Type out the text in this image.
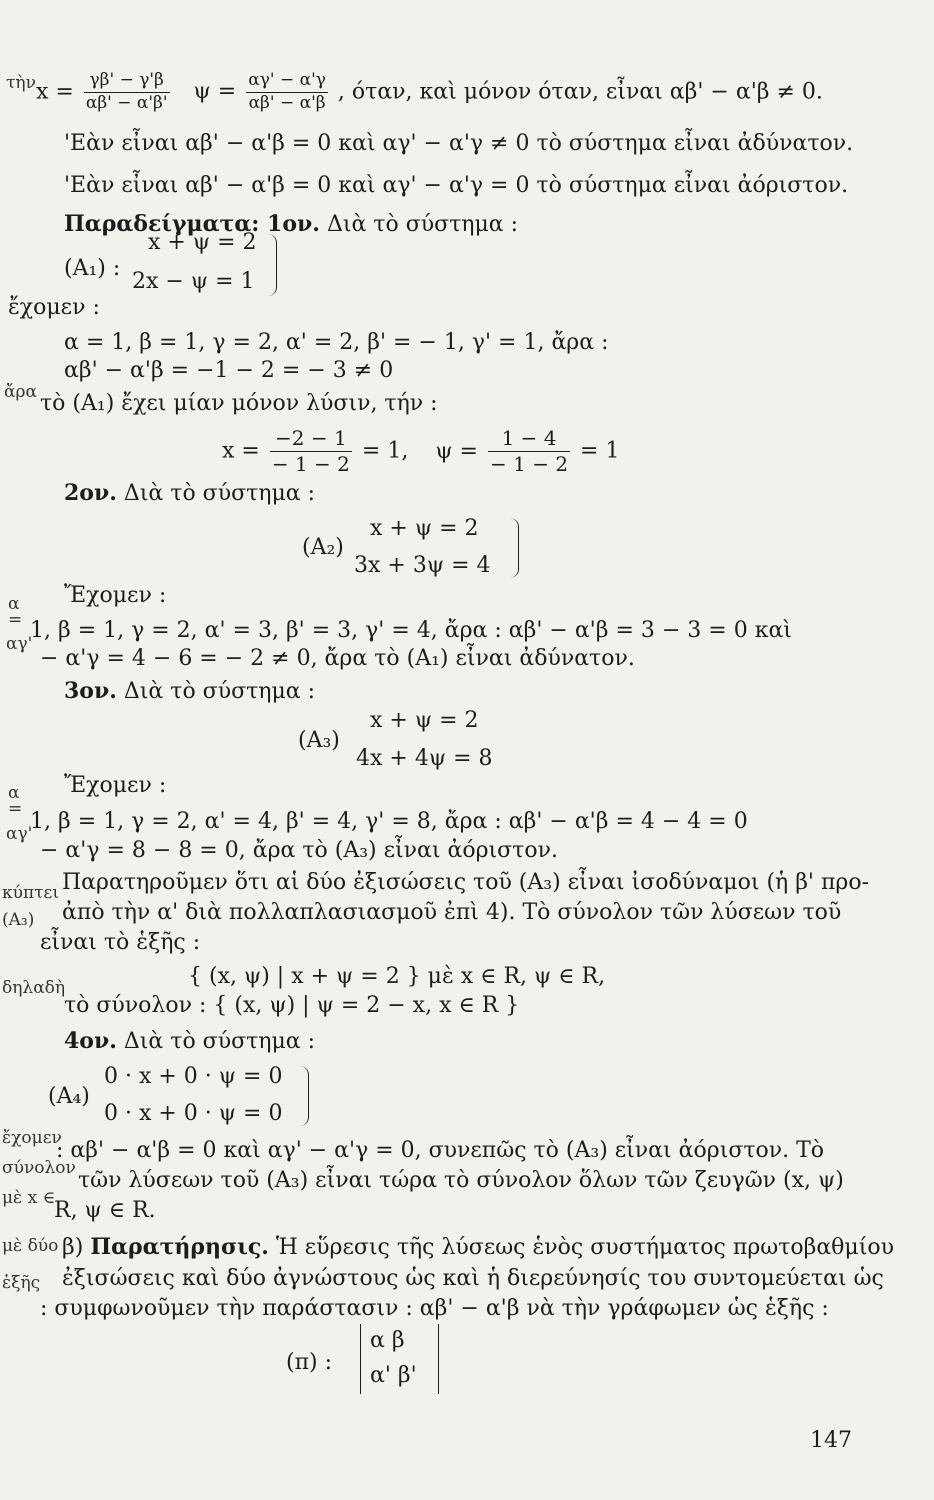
τὴν
ἄρα
α
=
αγ'
α
=
αγ'
κύπτει
(A₃)
δηλαδὴ
ἔχομεν
σύνολον
μὲ x ∈
μὲ δύο
ἑξῆς
$x = \frac{\gamma\beta' - \gamma'\beta}{\alpha\beta' - \alpha'\beta'}$ $\psi = \frac{\alpha\gamma' - \alpha'\gamma}{\alpha\beta' - \alpha'\beta}$ , όταν, καὶ μόνον όταν, εἶναι αβ' − α'β ≠ 0.
'Εὰν εἶναι αβ' − α'β = 0 καὶ αγ' − α'γ ≠ 0 τὸ σύστημα εἶναι ἀδύνατον.
'Εὰν εἶναι αβ' − α'β = 0 καὶ αγ' − α'γ = 0 τὸ σύστημα εἶναι ἀόριστον.
Παραδείγματα: 1ον. Διὰ τὸ σύστημα :
(A₁) :
x + ψ = 2
2x − ψ = 1
ἔχομεν :
α = 1, β = 1, γ = 2, α' = 2, β' = − 1, γ' = 1, ἄρα :
αβ' − α'β = −1 − 2 = − 3 ≠ 0
τὸ (A₁) ἔχει μίαν μόνον λύσιν, τήν :
$x = \frac{-2 - 1}{- 1 - 2} = 1$, $\psi = \frac{1 - 4}{- 1 - 2} = 1$
2ον. Διὰ τὸ σύστημα :
(A₂)
x + ψ = 2
3x + 3ψ = 4
Ἔχομεν :
1, β = 1, γ = 2, α' = 3, β' = 3, γ' = 4, ἄρα : αβ' − α'β = 3 − 3 = 0 καὶ
− α'γ = 4 − 6 = − 2 ≠ 0, ἄρα τὸ (A₁) εἶναι ἀδύνατον.
3ον. Διὰ τὸ σύστημα :
(A₃)
x + ψ = 2
4x + 4ψ = 8
Ἔχομεν :
1, β = 1, γ = 2, α' = 4, β' = 4, γ' = 8, ἄρα : αβ' − α'β = 4 − 4 = 0
− α'γ = 8 − 8 = 0, ἄρα τὸ (A₃) εἶναι ἀόριστον.
Παρατηροῦμεν ὅτι αἱ δύο ἐξισώσεις τοῦ (A₃) εἶναι ἰσοδύναμοι (ἡ β' προ-
ἀπὸ τὴν α' διὰ πολλαπλασιασμοῦ ἐπὶ 4). Τὸ σύνολον τῶν λύσεων τοῦ
εἶναι τὸ ἑξῆς :
{ (x, ψ) | x + ψ = 2 } μὲ x ∈ R, ψ ∈ R,
τὸ σύνολον : { (x, ψ) | ψ = 2 − x, x ∈ R }
4ον. Διὰ τὸ σύστημα :
(A₄)
0 · x + 0 · ψ = 0
0 · x + 0 · ψ = 0
: αβ' − α'β = 0 καὶ αγ' − α'γ = 0, συνεπῶς τὸ (A₃) εἶναι ἀόριστον. Τὸ
τῶν λύσεων τοῦ (A₃) εἶναι τώρα τὸ σύνολον ὅλων τῶν ζευγῶν (x, ψ)
R, ψ ∈ R.
β) Παρατήρησις. Ἡ εὕρεσις τῆς λύσεως ἑνὸς συστήματος πρωτοβαθμίου
ἐξισώσεις καὶ δύο ἀγνώστους ὡς καὶ ἡ διερεύνησίς του συντομεύεται ὡς
: συμφωνοῦμεν τὴν παράστασιν : αβ' − α'β νὰ τὴν γράφωμεν ὡς ἑξῆς :
(π) :
α β
α' β'
147
